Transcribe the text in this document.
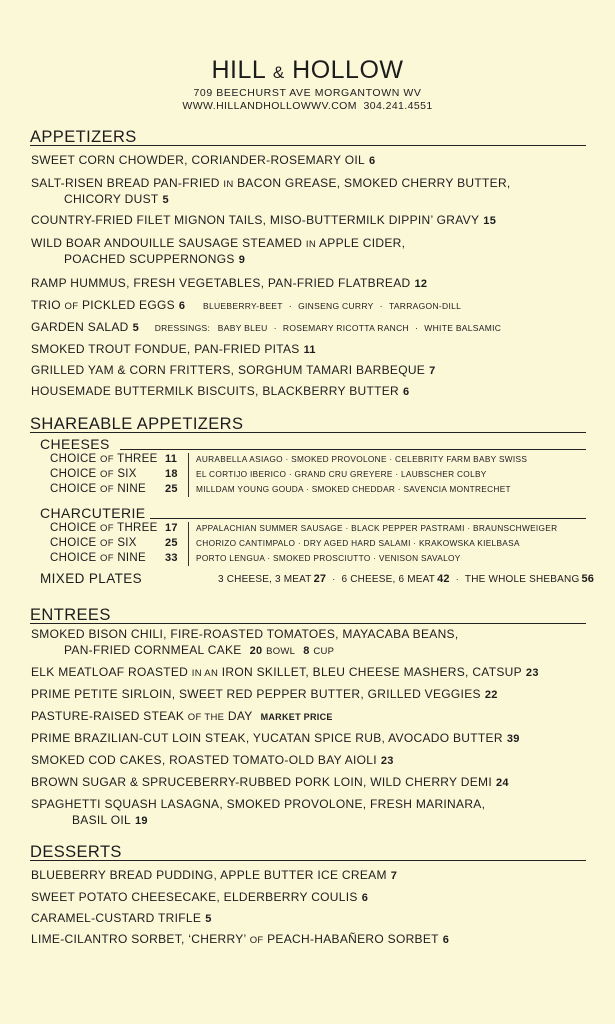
HILL & HOLLOW
709 BEECHURST AVE MORGANTOWN WV
WWW.HILLANDHOLLOWWV.COM 304.241.4551
APPETIZERS
SWEET CORN CHOWDER, CORIANDER-ROSEMARY OIL 6
SALT-RISEN BREAD PAN-FRIED IN BACON GREASE, SMOKED CHERRY BUTTER,
CHICORY DUST 5
COUNTRY-FRIED FILET MIGNON TAILS, MISO-BUTTERMILK DIPPIN’ GRAVY 15
WILD BOAR ANDOUILLE SAUSAGE STEAMED IN APPLE CIDER,
POACHED SCUPPERNONGS 9
RAMP HUMMUS, FRESH VEGETABLES, PAN-FRIED FLATBREAD 12
TRIO OF PICKLED EGGS 6 BLUEBERRY-BEET · GINSENG CURRY · TARRAGON-DILL
GARDEN SALAD 5 DRESSINGS: BABY BLEU · ROSEMARY RICOTTA RANCH · WHITE BALSAMIC
SMOKED TROUT FONDUE, PAN-FRIED PITAS 11
GRILLED YAM & CORN FRITTERS, SORGHUM TAMARI BARBEQUE 7
HOUSEMADE BUTTERMILK BISCUITS, BLACKBERRY BUTTER 6
SHAREABLE APPETIZERS
CHEESES
CHOICE OF THREE 11 AURABELLA ASIAGO · SMOKED PROVOLONE · CELEBRITY FARM BABY SWISS
CHOICE OF SIX	18 EL CORTIJO IBERICO · GRAND CRU GREYERE · LAUBSCHER COLBY
CHOICE OF NINE 25 MILLDAM YOUNG GOUDA · SMOKED CHEDDAR · SAVENCIA MONTRECHET
CHARCUTERIE
CHOICE OF THREE 17 APPALACHIAN SUMMER SAUSAGE · BLACK PEPPER PASTRAMI · BRAUNSCHWEIGER
CHOICE OF SIX	25 CHORIZO CANTIMPALO · DRY AGED HARD SALAMI · KRAKOWSKA KIELBASA
CHOICE OF NINE 33 PORTO LENGUA · SMOKED PROSCIUTTO · VENISON SAVALOY
MIXED PLATES	3 CHEESE, 3 MEAT 27 · 6 CHEESE, 6 MEAT 42 · THE WHOLE SHEBANG 56
ENTREES
SMOKED BISON CHILI, FIRE-ROASTED TOMATOES, MAYACABA BEANS,
PAN-FRIED CORNMEAL CAKE 20 BOWL 8 CUP
ELK MEATLOAF ROASTED IN AN IRON SKILLET, BLEU CHEESE MASHERS, CATSUP 23
PRIME PETITE SIRLOIN, SWEET RED PEPPER BUTTER, GRILLED VEGGIES 22
PASTURE-RAISED STEAK OF THE DAY MARKET PRICE
PRIME BRAZILIAN-CUT LOIN STEAK, YUCATAN SPICE RUB, AVOCADO BUTTER 39
SMOKED COD CAKES, ROASTED TOMATO-OLD BAY AIOLI 23
BROWN SUGAR & SPRUCEBERRY-RUBBED PORK LOIN, WILD CHERRY DEMI 24
SPAGHETTI SQUASH LASAGNA, SMOKED PROVOLONE, FRESH MARINARA,
BASIL OIL 19
DESSERTS
BLUEBERRY BREAD PUDDING, APPLE BUTTER ICE CREAM 7
SWEET POTATO CHEESECAKE, ELDERBERRY COULIS 6
CARAMEL-CUSTARD TRIFLE 5
LIME-CILANTRO SORBET, ‘CHERRY’ OF PEACH-HABAÑERO SORBET 6
